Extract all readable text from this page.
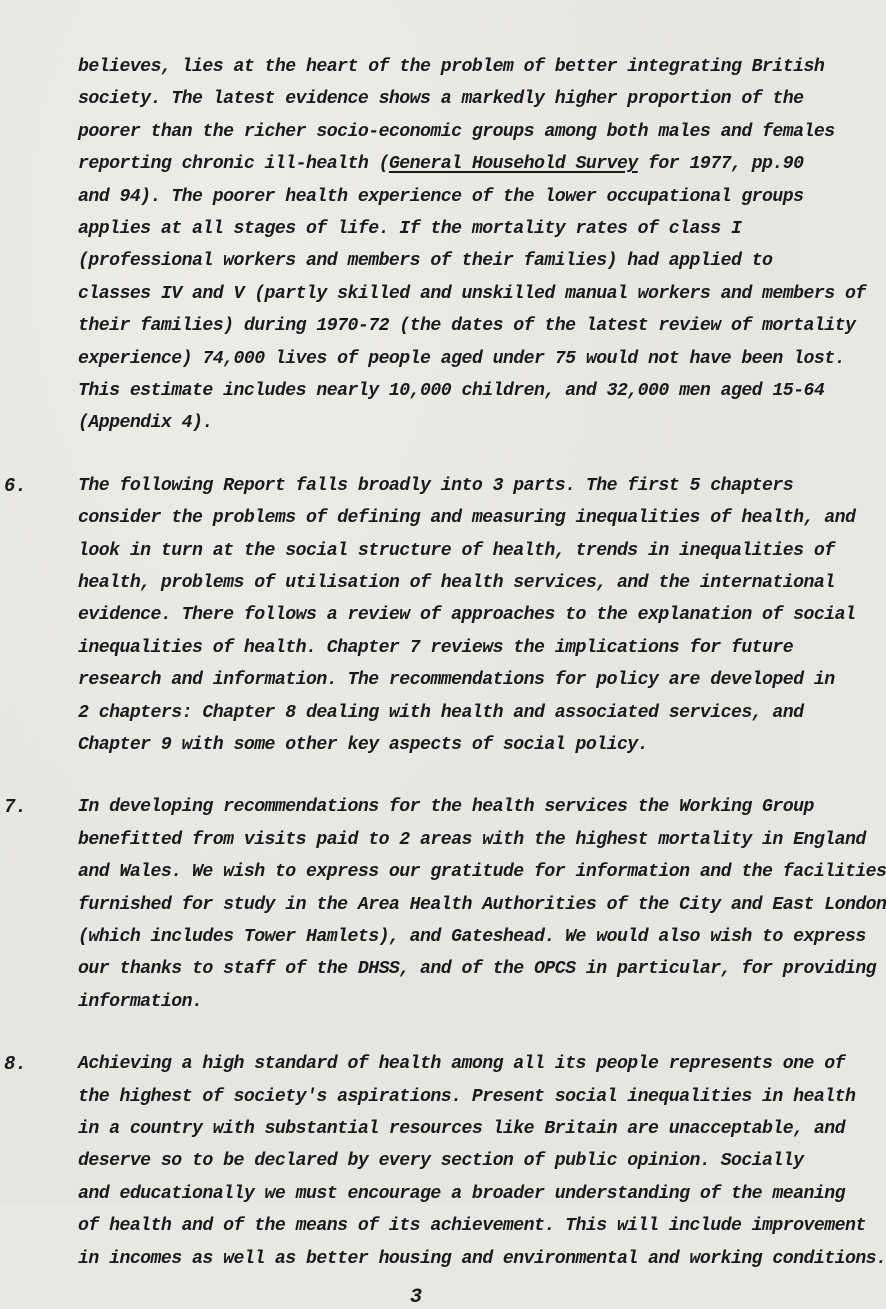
believes, lies at the heart of the problem of better integrating British
society. The latest evidence shows a markedly higher proportion of the
poorer than the richer socio-economic groups among both males and females
reporting chronic ill-health (General Household Survey for 1977, pp.90
and 94). The poorer health experience of the lower occupational groups
applies at all stages of life. If the mortality rates of class I
(professional workers and members of their families) had applied to
classes IV and V (partly skilled and unskilled manual workers and members of
their families) during 1970-72 (the dates of the latest review of mortality
experience) 74,000 lives of people aged under 75 would not have been lost.
This estimate includes nearly 10,000 children, and 32,000 men aged 15-64
(Appendix 4).
6.	The following Report falls broadly into 3 parts. The first 5 chapters
consider the problems of defining and measuring inequalities of health, and
look in turn at the social structure of health, trends in inequalities of
health, problems of utilisation of health services, and the international
evidence. There follows a review of approaches to the explanation of social
inequalities of health. Chapter 7 reviews the implications for future
research and information. The recommendations for policy are developed in
2 chapters: Chapter 8 dealing with health and associated services, and
Chapter 9 with some other key aspects of social policy.
7.	In developing recommendations for the health services the Working Group
benefitted from visits paid to 2 areas with the highest mortality in England
and Wales. We wish to express our gratitude for information and the facilities
furnished for study in the Area Health Authorities of the City and East London
(which includes Tower Hamlets), and Gateshead. We would also wish to express
our thanks to staff of the DHSS, and of the OPCS in particular, for providing
information.
8.	Achieving a high standard of health among all its people represents one of
the highest of society's aspirations. Present social inequalities in health
in a country with substantial resources like Britain are unacceptable, and
deserve so to be declared by every section of public opinion. Socially
and educationally we must encourage a broader understanding of the meaning
of health and of the means of its achievement. This will include improvement
in incomes as well as better housing and environmental and working conditions.
3
